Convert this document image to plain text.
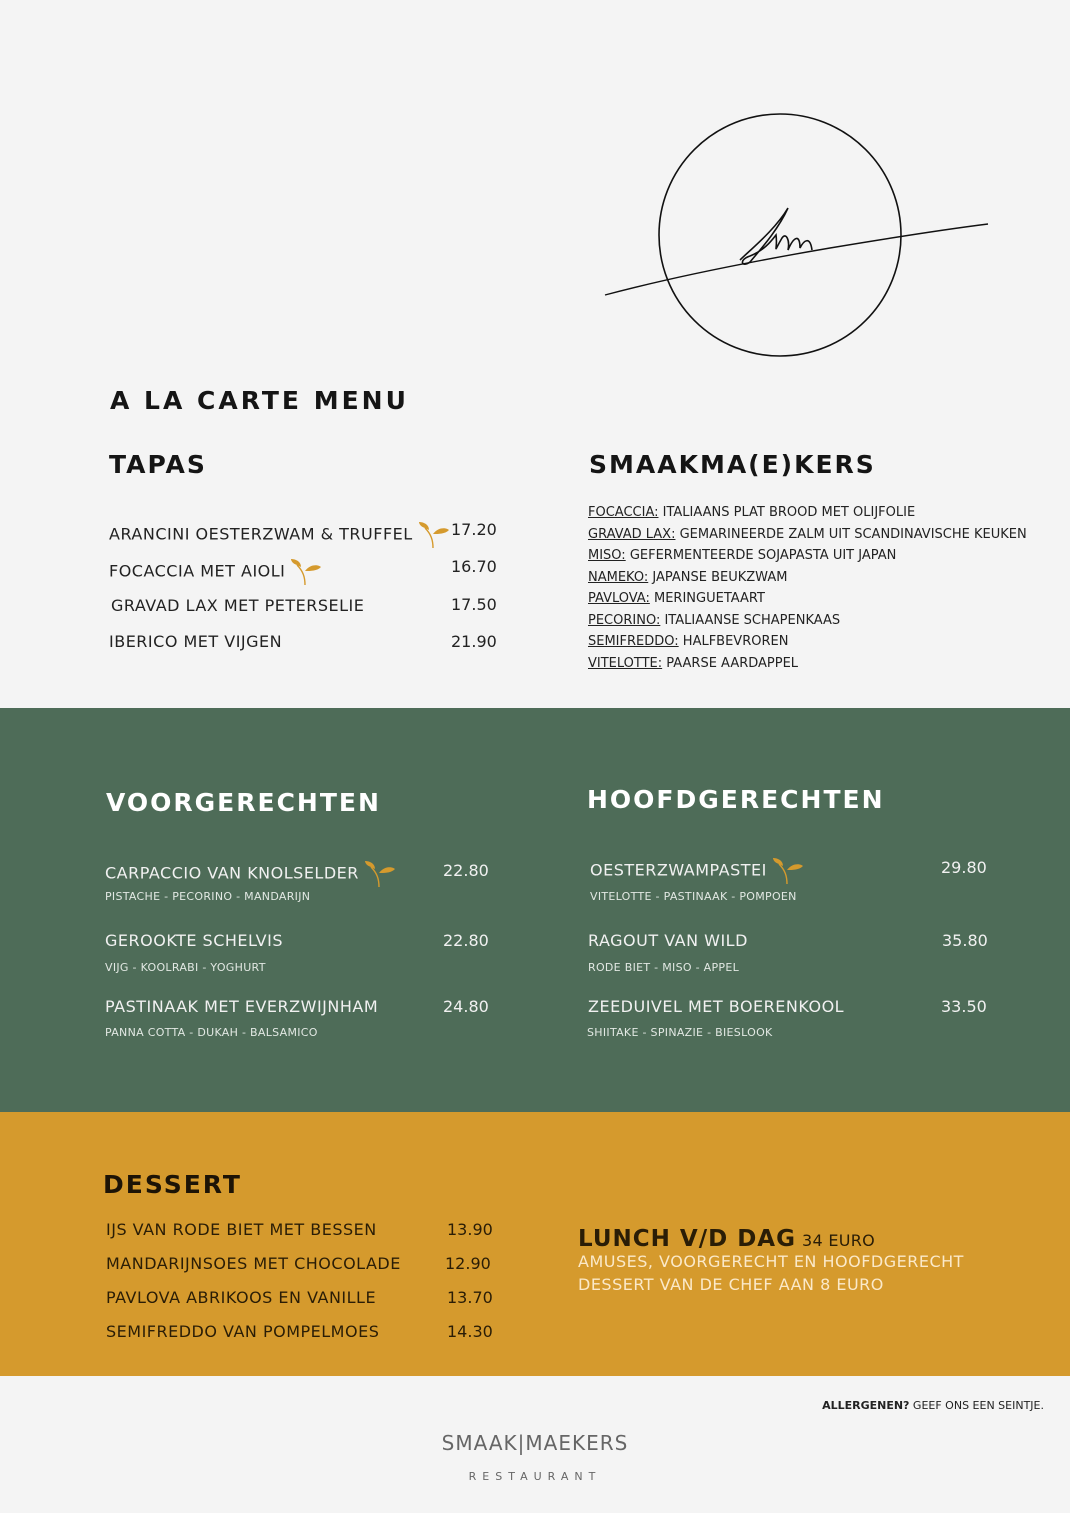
A LA CARTE MENU
TAPAS
ARANCINI OESTERZWAM & TRUFFEL	17.20
FOCACCIA MET AIOLI	16.70
GRAVAD LAX MET PETERSELIE	17.50
IBERICO MET VIJGEN	21.90
SMAAKMA(E)KERS
FOCACCIA: ITALIAANS PLAT BROOD MET OLIJFOLIE
GRAVAD LAX: GEMARINEERDE ZALM UIT SCANDINAVISCHE KEUKEN
MISO: GEFERMENTEERDE SOJAPASTA UIT JAPAN
NAMEKO: JAPANSE BEUKZWAM
PAVLOVA: MERINGUETAART
PECORINO: ITALIAANSE SCHAPENKAAS
SEMIFREDDO: HALFBEVROREN
VITELOTTE: PAARSE AARDAPPEL
VOORGERECHTEN
CARPACCIO VAN KNOLSELDER	22.80
PISTACHE - PECORINO - MANDARIJN
GEROOKTE SCHELVIS	22.80
VIJG - KOOLRABI - YOGHURT
PASTINAAK MET EVERZWIJNHAM	24.80
PANNA COTTA - DUKAH - BALSAMICO
HOOFDGERECHTEN
OESTERZWAMPASTEI	29.80
VITELOTTE - PASTINAAK - POMPOEN
RAGOUT VAN WILD	35.80
RODE BIET - MISO - APPEL
ZEEDUIVEL MET BOERENKOOL	33.50
SHIITAKE - SPINAZIE - BIESLOOK
DESSERT
IJS VAN RODE BIET MET BESSEN	13.90
MANDARIJNSOES MET CHOCOLADE	12.90
PAVLOVA ABRIKOOS EN VANILLE	13.70
SEMIFREDDO VAN POMPELMOES	14.30
LUNCH V/D DAG 34 EURO
AMUSES, VOORGERECHT EN HOOFDGERECHT
DESSERT VAN DE CHEF AAN 8 EURO
ALLERGENEN? GEEF ONS EEN SEINTJE.
SMAAK|MAEKERS
RESTAURANT
